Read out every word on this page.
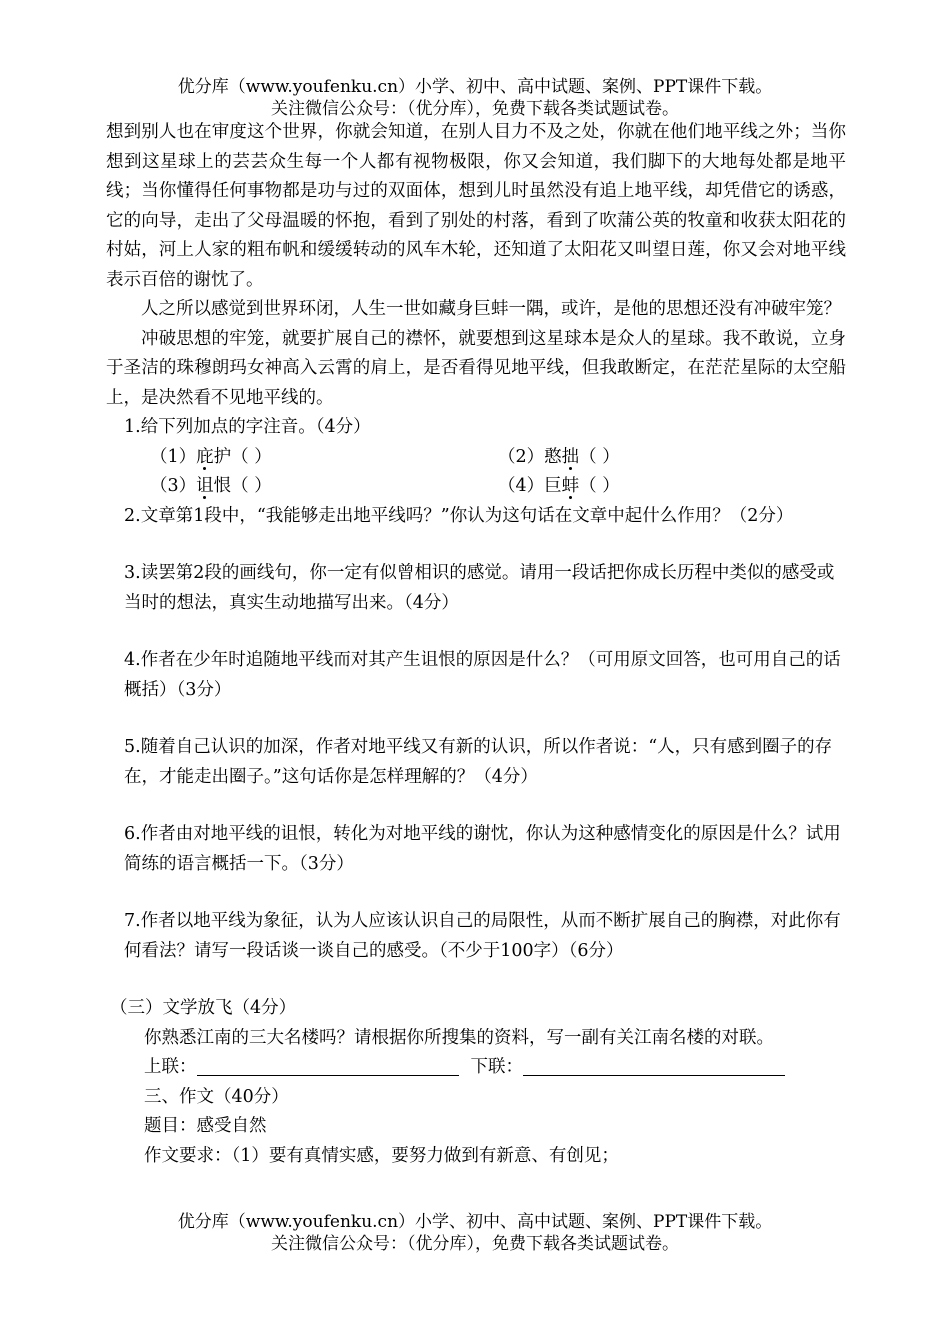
优分库（www.youfenku.cn）小学、初中、高中试题、案例、PPT课件下载。
关注微信公众号：（优分库），免费下载各类试题试卷。

想到别人也在审度这个世界，你就会知道，在别人目力不及之处，你就在他们地平线之外；当你想到这星球上的芸芸众生每一个人都有视物极限，你又会知道，我们脚下的大地每处都是地平线；当你懂得任何事物都是功与过的双面体，想到儿时虽然没有追上地平线，却凭借它的诱惑，它的向导，走出了父母温暖的怀抱，看到了别处的村落，看到了吹蒲公英的牧童和收获太阳花的村姑，河上人家的粗布帆和缓缓转动的风车木轮，还知道了太阳花又叫望日莲，你又会对地平线表示百倍的谢忱了。

人之所以感觉到世界环闭，人生一世如藏身巨蚌一隅，或许，是他的思想还没有冲破牢笼？

冲破思想的牢笼，就要扩展自己的襟怀，就要想到这星球本是众人的星球。我不敢说，立身于圣洁的珠穆朗玛女神高入云霄的肩上，是否看得见地平线，但我敢断定，在茫茫星际的太空船上，是决然看不见地平线的。

1.给下列加点的字注音。（4分）

（1）庇护（ ）	（2）憨拙（ ）
（3）诅恨（ ）	（4）巨蚌（ ）

2.文章第1段中，“我能够走出地平线吗？”你认为这句话在文章中起什么作用？（2分）

3.读罢第2段的画线句，你一定有似曾相识的感觉。请用一段话把你成长历程中类似的感受或当时的想法，真实生动地描写出来。（4分）

4.作者在少年时追随地平线而对其产生诅恨的原因是什么？（可用原文回答，也可用自己的话概括）（3分）

5.随着自己认识的加深，作者对地平线又有新的认识，所以作者说：“人，只有感到圈子的存在，才能走出圈子。”这句话你是怎样理解的？（4分）

6.作者由对地平线的诅恨，转化为对地平线的谢忱，你认为这种感情变化的原因是什么？试用简练的语言概括一下。（3分）

7.作者以地平线为象征，认为人应该认识自己的局限性，从而不断扩展自己的胸襟，对此你有何看法？请写一段话谈一谈自己的感受。（不少于100字）（6分）

（三）文学放飞（4分）

你熟悉江南的三大名楼吗？请根据你所搜集的资料，写一副有关江南名楼的对联。

上联：	下联：

三、作文（40分）

题目：感受自然

作文要求：（1）要有真情实感，要努力做到有新意、有创见；

优分库（www.youfenku.cn）小学、初中、高中试题、案例、PPT课件下载。
关注微信公众号：（优分库），免费下载各类试题试卷。
